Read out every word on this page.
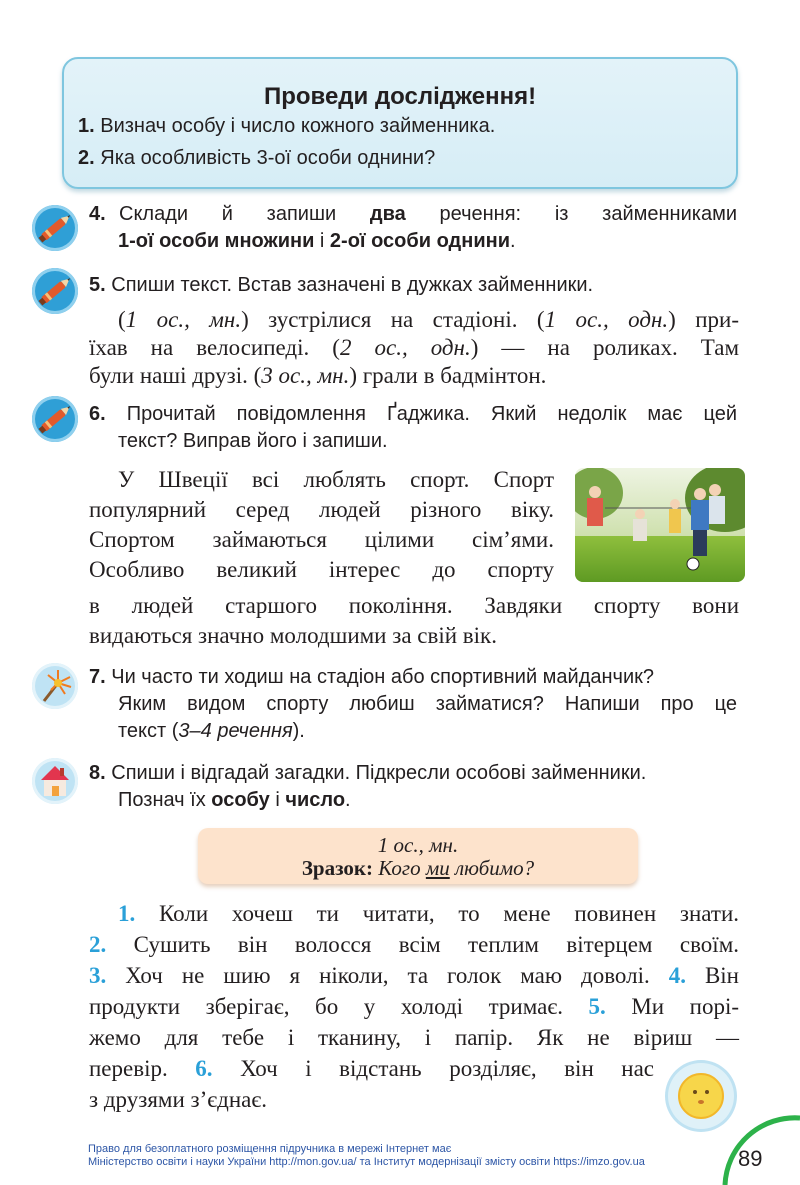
Проведи дослідження!
1. Визнач особу і число кожного займенника.
2. Яка особливість 3-ої особи однини?
4. Склади й запиши два речення: із займенниками
1-ої особи множини і 2-ої особи однини.
5. Спиши текст. Встав зазначені в дужках займенники.
(1 ос., мн.) зустрілися на стадіоні. (1 ос., одн.) при-
їхав на велосипеді. (2 ос., одн.) — на роликах. Там
були наші друзі. (3 ос., мн.) грали в бадмінтон.
6. Прочитай повідомлення Ґаджика. Який недолік має цей
текст? Виправ його і запиши.
У Швеції всі люблять спорт. Спорт
популярний серед людей різного віку.
Спортом займаються цілими сім’ями.
Особливо великий інтерес до спорту
в людей старшого покоління. Завдяки спорту вони
видаються значно молодшими за свій вік.
7. Чи часто ти ходиш на стадіон або спортивний майданчик?
Яким видом спорту любиш займатися? Напиши про це
текст (3–4 речення).
8. Спиши і відгадай загадки. Підкресли особові займенники.
Познач їх особу і число.
1 ос., мн.
Зразок: Кого ми любимо?
1. Коли хочеш ти читати, то мене повинен знати.
2. Сушить він волосся всім теплим вітерцем своїм.
3. Хоч не шию я ніколи, та голок маю доволі. 4. Він
продукти зберігає, бо у холоді тримає. 5. Ми порі-
жемо для тебе і тканину, і папір. Як не віриш —
перевір. 6. Хоч і відстань розділяє, він нас
з друзями з’єднає.
89
Право для безоплатного розміщення підручника в мережі Інтернет має
Міністерство освіти і науки України http://mon.gov.ua/ та Інститут модернізації змісту освіти https://imzo.gov.ua
